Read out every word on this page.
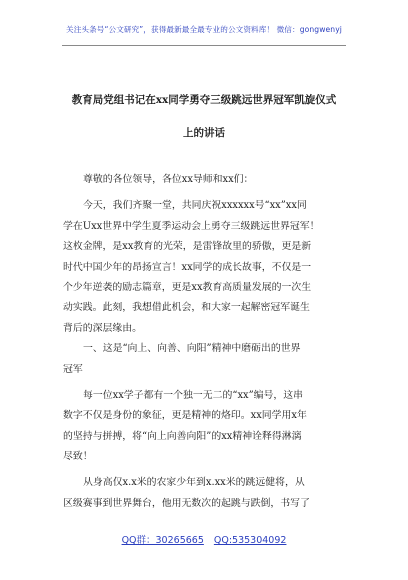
关注头条号“公文研究”，获得最新最全最专业的公文资料库！ 微信：gongwenyj
教育局党组书记在xx同学勇夺三级跳远世界冠军凯旋仪式
上的讲话
尊敬的各位领导，各位xx导师和xx们：
今天，我们齐聚一堂，共同庆祝xxxxxx号“xx”xx同
学在Uxx世界中学生夏季运动会上勇夺三级跳远世界冠军！
这枚金牌，是xx教育的光荣，是雷锋故里的骄傲，更是新
时代中国少年的昂扬宣言！xx同学的成长故事，不仅是一
个少年逆袭的励志篇章，更是xx教育高质量发展的一次生
动实践。此刻，我想借此机会，和大家一起解密冠军诞生
背后的深层缘由。
一、这是“向上、向善、向阳”精神中磨砺出的世界
冠军
每一位xx学子都有一个独一无二的“xx”编号，这串
数字不仅是身份的象征，更是精神的烙印。xx同学用x年
的坚持与拼搏，将“向上向善向阳”的xx精神诠释得淋漓
尽致！
从身高仅x.x米的农家少年到x.xx米的跳远健将，从
区级赛事到世界舞台，他用无数次的起跳与跌倒，书写了
QQ群：30265665 QQ:535304092
